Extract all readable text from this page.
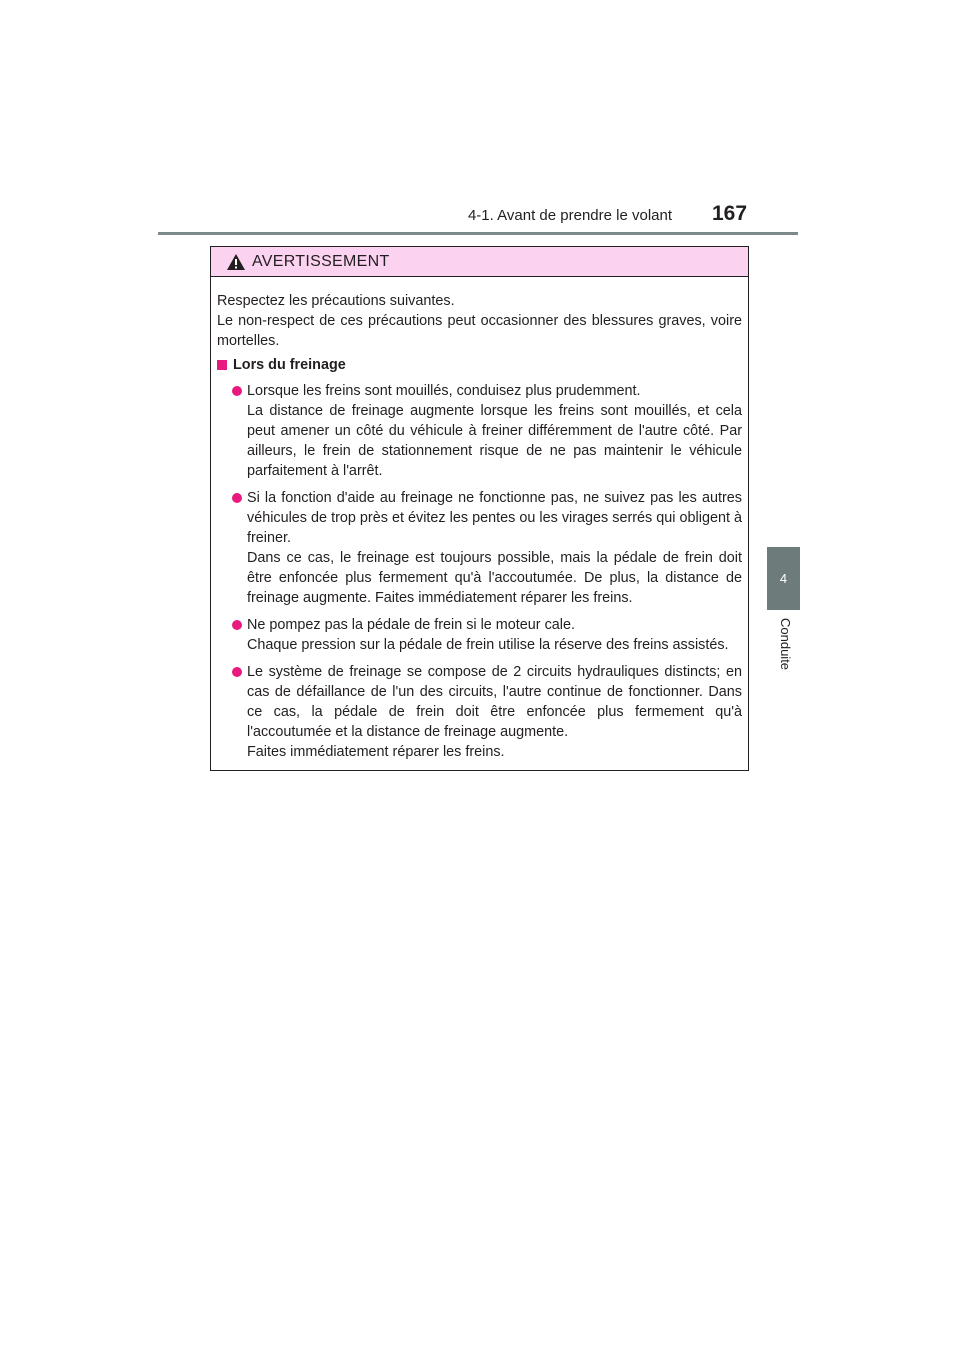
4-1. Avant de prendre le volant 167
4
Conduite
AVERTISSEMENT

Respectez les précautions suivantes.
Le non-respect de ces précautions peut occasionner des blessures graves, voire mortelles.

Lors du freinage

Lorsque les freins sont mouillés, conduisez plus prudemment.
La distance de freinage augmente lorsque les freins sont mouillés, et cela peut amener un côté du véhicule à freiner différemment de l'autre côté. Par ailleurs, le frein de stationnement risque de ne pas maintenir le véhicule parfaitement à l'arrêt.

Si la fonction d'aide au freinage ne fonctionne pas, ne suivez pas les autres véhicules de trop près et évitez les pentes ou les virages serrés qui obligent à freiner.
Dans ce cas, le freinage est toujours possible, mais la pédale de frein doit être enfoncée plus fermement qu'à l'accoutumée. De plus, la distance de freinage augmente. Faites immédiatement réparer les freins.

Ne pompez pas la pédale de frein si le moteur cale.
Chaque pression sur la pédale de frein utilise la réserve des freins assistés.

Le système de freinage se compose de 2 circuits hydrauliques distincts; en cas de défaillance de l'un des circuits, l'autre continue de fonctionner. Dans ce cas, la pédale de frein doit être enfoncée plus fermement qu'à l'accoutumée et la distance de freinage augmente.
Faites immédiatement réparer les freins.
